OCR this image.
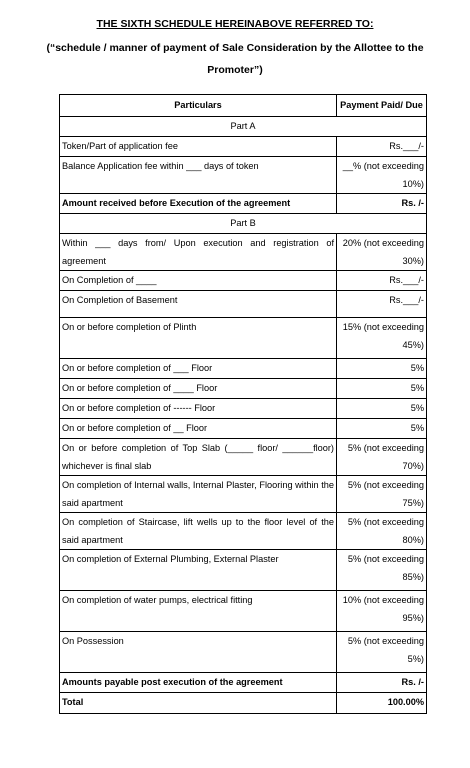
THE SIXTH SCHEDULE HEREINABOVE REFERRED TO:
(“schedule / manner of payment of Sale Consideration by the Allottee to the
Promoter”)
Particulars	Payment Paid/ Due
Part A	
Token/Part of application fee	Rs.___/-
Balance Application fee within ___ days of token	__% (not exceeding 10%)
Amount received before Execution of the agreement	Rs. /-
Part B	
Within ___ days from/ Upon execution and registration of agreement	20% (not exceeding 30%)
On Completion of ____	Rs.___/-
On Completion of Basement	Rs.___/-
On or before completion of Plinth	15% (not exceeding 45%)
On or before completion of ___ Floor	5%
On or before completion of ____ Floor	5%
On or before completion of ------ Floor	5%
On or before completion of __ Floor	5%
On or before completion of Top Slab (_____ floor/ ______floor) whichever is final slab	5% (not exceeding 70%)
On completion of Internal walls, Internal Plaster, Flooring within the said apartment	5% (not exceeding 75%)
On completion of Staircase, lift wells up to the floor level of the said apartment	5% (not exceeding 80%)
On completion of External Plumbing, External Plaster	5% (not exceeding 85%)
On completion of water pumps, electrical fitting	10% (not exceeding 95%)
On Possession	5% (not exceeding 5%)
Amounts payable post execution of the agreement	Rs. /-
Total	100.00%
